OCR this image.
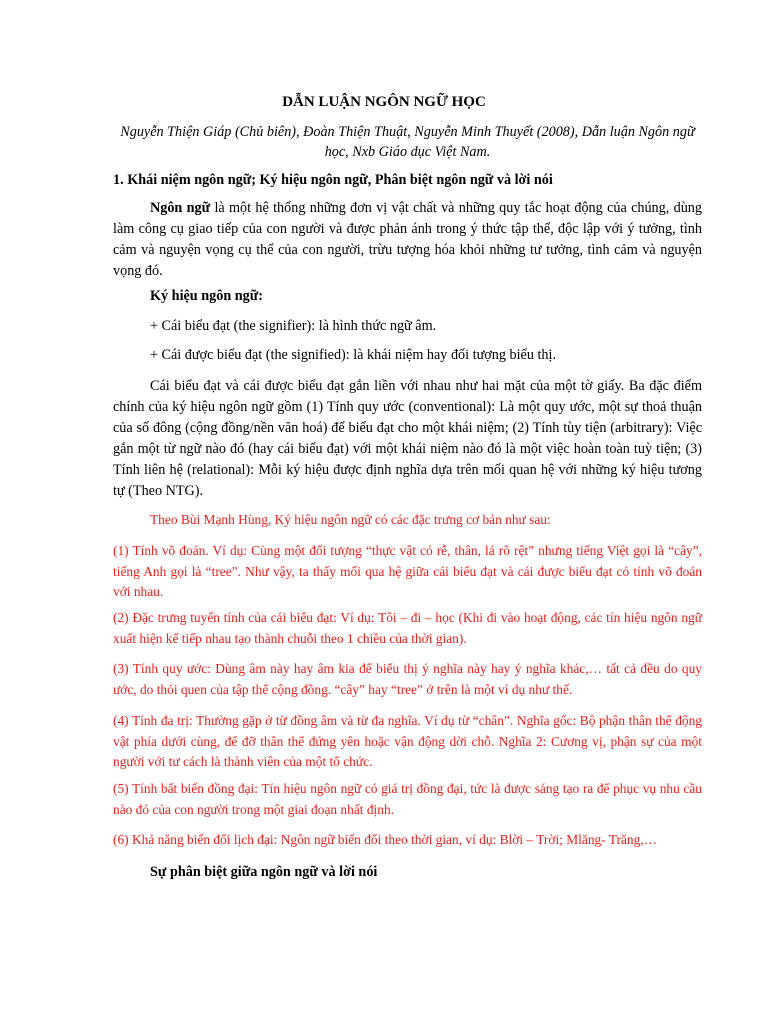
DẪN LUẬN NGÔN NGỮ HỌC

Nguyễn Thiện Giáp (Chủ biên), Đoàn Thiện Thuật, Nguyễn Minh Thuyết (2008), Dẫn luận Ngôn ngữ học, Nxb Giáo dục Việt Nam.

1. Khái niệm ngôn ngữ; Ký hiệu ngôn ngữ, Phân biệt ngôn ngữ và lời nói

Ngôn ngữ là một hệ thống những đơn vị vật chất và những quy tắc hoạt động của chúng, dùng làm công cụ giao tiếp của con người và được phản ánh trong ý thức tập thể, độc lập với ý tưởng, tình cảm và nguyện vọng cụ thể của con người, trừu tượng hóa khỏi những tư tưởng, tình cảm và nguyện vọng đó.

Ký hiệu ngôn ngữ:

+ Cái biểu đạt (the signifier): là hình thức ngữ âm.

+ Cái được biểu đạt (the signified): là khái niệm hay đối tượng biểu thị.

Cái biểu đạt và cái được biểu đạt gắn liền với nhau như hai mặt của một tờ giấy. Ba đặc điểm chính của ký hiệu ngôn ngữ gồm (1) Tính quy ước (conventional): Là một quy ước, một sự thoả thuận của số đông (cộng đồng/nền văn hoá) để biểu đạt cho một khái niệm; (2) Tính tùy tiện (arbitrary): Việc gắn một từ ngữ nào đó (hay cái biểu đạt) với một khái niệm nào đó là một việc hoàn toàn tuỳ tiện; (3) Tính liên hệ (relational): Mỗi ký hiệu được định nghĩa dựa trên mối quan hệ với những ký hiệu tương tự (Theo NTG).

Theo Bùi Mạnh Hùng, Ký hiệu ngôn ngữ có các đặc trưng cơ bản như sau:

(1) Tính võ đoán. Ví dụ: Cùng một đối tượng “thực vật có rễ, thân, lá rõ rệt” nhưng tiếng Việt gọi là “cây”, tiếng Anh gọi là “tree”. Như vậy, ta thấy mối qua hệ giữa cái biểu đạt và cái được biểu đạt có tính võ đoán với nhau.

(2) Đặc trưng tuyến tính của cái biểu đạt: Ví dụ: Tôi – đi – học (Khi đi vào hoạt động, các tín hiệu ngôn ngữ xuất hiện kế tiếp nhau tạo thành chuỗi theo 1 chiều của thời gian).

(3) Tính quy ước: Dùng âm này hay âm kia để biểu thị ý nghĩa này hay ý nghĩa khác,… tất cả đều do quy ước, do thói quen của tập thể cộng đồng. “cây” hay “tree” ở trên là một ví dụ như thế.

(4) Tính đa trị: Thường gặp ở từ đồng âm và từ đa nghĩa. Ví dụ từ “chân”. Nghĩa gốc: Bộ phận thân thể động vật phía dưới cùng, để đỡ thân thể đứng yên hoặc vận động dời chỗ. Nghĩa 2: Cương vị, phận sự của một người với tư cách là thành viên của một tổ chức.

(5) Tính bất biến đồng đại: Tín hiệu ngôn ngữ có giá trị đồng đại, tức là được sáng tạo ra để phục vụ nhu cầu nào đó của con người trong một giai đoạn nhất định.

(6) Khả năng biến đổi lịch đại: Ngôn ngữ biến đổi theo thời gian, ví dụ: Blời – Trời; Mlăng- Trăng,…

Sự phân biệt giữa ngôn ngữ và lời nói
